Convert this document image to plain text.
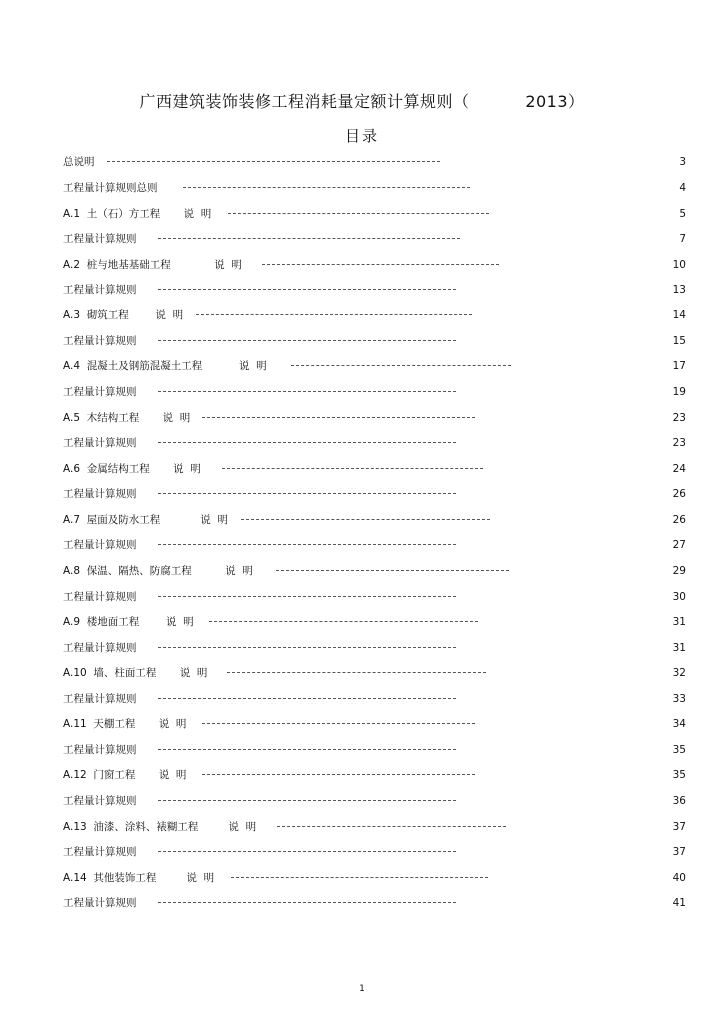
广西建筑装饰装修工程消耗量定额计算规则（          2013）
目录
总说明	3
工程量计算规则总则	4
A.1  土（石）方工程       说  明	5
工程量计算规则	7
A.2  桩与地基基础工程             说  明	10
工程量计算规则	13
A.3  砌筑工程        说  明	14
工程量计算规则	15
A.4  混凝土及钢筋混凝土工程           说  明	17
工程量计算规则	19
A.5  木结构工程       说  明	23
工程量计算规则	23
A.6  金属结构工程       说  明	24
工程量计算规则	26
A.7  屋面及防水工程            说  明	26
工程量计算规则	27
A.8  保温、隔热、防腐工程          说  明	29
工程量计算规则	30
A.9  楼地面工程        说  明	31
工程量计算规则	31
A.10  墙、柱面工程       说  明	32
工程量计算规则	33
A.11  天棚工程       说  明	34
工程量计算规则	35
A.12  门窗工程       说  明	35
工程量计算规则	36
A.13  油漆、涂料、裱糊工程         说  明	37
工程量计算规则	37
A.14  其他装饰工程         说  明	40
工程量计算规则	41
1
